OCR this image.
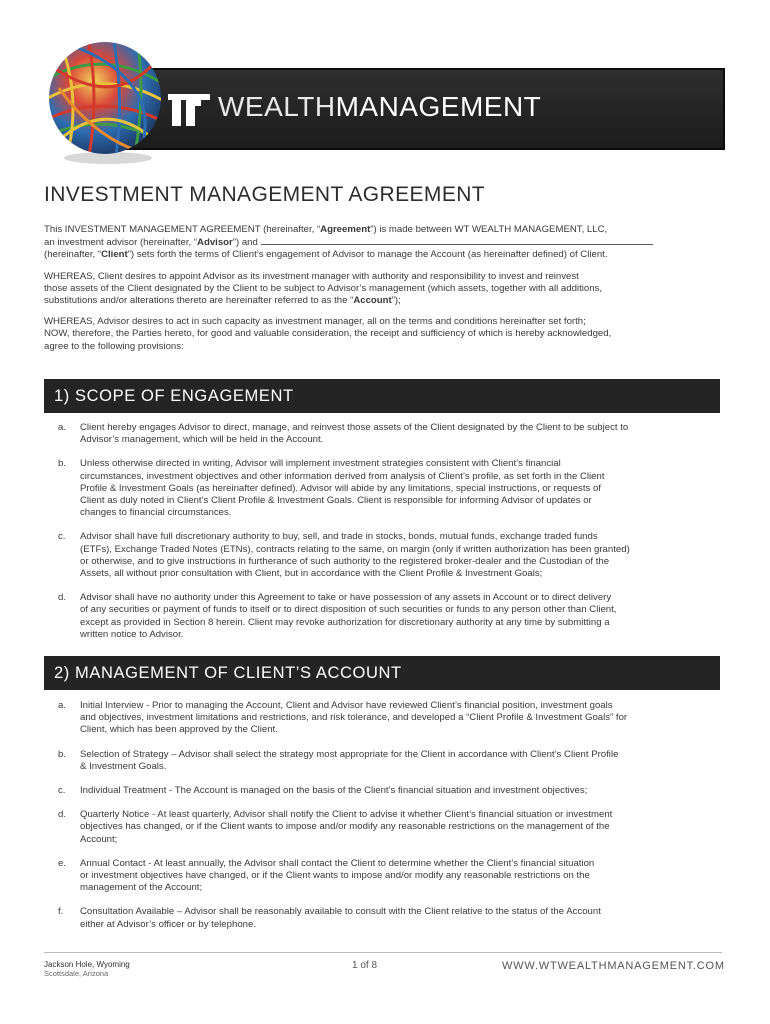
WEALTHMANAGEMENT
INVESTMENT MANAGEMENT AGREEMENT

This INVESTMENT MANAGEMENT AGREEMENT (hereinafter, “Agreement”) is made between WT WEALTH MANAGEMENT, LLC,
an investment advisor (hereinafter, “Advisor”) and
(hereinafter, “Client”) sets forth the terms of Client’s engagement of Advisor to manage the Account (as hereinafter defined) of Client.

WHEREAS, Client desires to appoint Advisor as its investment manager with authority and responsibility to invest and reinvest
those assets of the Client designated by the Client to be subject to Advisor’s management (which assets, together with all additions,
substitutions and/or alterations thereto are hereinafter referred to as the “Account”);

WHEREAS, Advisor desires to act in such capacity as investment manager, all on the terms and conditions hereinafter set forth;
NOW, therefore, the Parties hereto, for good and valuable consideration, the receipt and sufficiency of which is hereby acknowledged,
agree to the following provisions:

1) SCOPE OF ENGAGEMENT
a. Client hereby engages Advisor to direct, manage, and reinvest those assets of the Client designated by the Client to be subject to
Advisor’s management, which will be held in the Account.
b. Unless otherwise directed in writing, Advisor will implement investment strategies consistent with Client’s financial
circumstances, investment objectives and other information derived from analysis of Client’s profile, as set forth in the Client
Profile & Investment Goals (as hereinafter defined). Advisor will abide by any limitations, special instructions, or requests of
Client as duly noted in Client’s Client Profile & Investment Goals. Client is responsible for informing Advisor of updates or
changes to financial circumstances.
c. Advisor shall have full discretionary authority to buy, sell, and trade in stocks, bonds, mutual funds, exchange traded funds
(ETFs), Exchange Traded Notes (ETNs), contracts relating to the same, on margin (only if written authorization has been granted)
or otherwise, and to give instructions in furtherance of such authority to the registered broker-dealer and the Custodian of the
Assets, all without prior consultation with Client, but in accordance with the Client Profile & Investment Goals;
d. Advisor shall have no authority under this Agreement to take or have possession of any assets in Account or to direct delivery
of any securities or payment of funds to itself or to direct disposition of such securities or funds to any person other than Client,
except as provided in Section 8 herein. Client may revoke authorization for discretionary authority at any time by submitting a
written notice to Advisor.
2) MANAGEMENT OF CLIENT’S ACCOUNT
a. Initial Interview - Prior to managing the Account, Client and Advisor have reviewed Client’s financial position, investment goals
and objectives, investment limitations and restrictions, and risk tolerance, and developed a “Client Profile & Investment Goals” for
Client, which has been approved by the Client.
b. Selection of Strategy – Advisor shall select the strategy most appropriate for the Client in accordance with Client’s Client Profile
& Investment Goals.
c. Individual Treatment - The Account is managed on the basis of the Client’s financial situation and investment objectives;
d. Quarterly Notice - At least quarterly, Advisor shall notify the Client to advise it whether Client’s financial situation or investment
objectives has changed, or if the Client wants to impose and/or modify any reasonable restrictions on the management of the
Account;
e. Annual Contact - At least annually, the Advisor shall contact the Client to determine whether the Client’s financial situation
or investment objectives have changed, or if the Client wants to impose and/or modify any reasonable restrictions on the
management of the Account;
f. Consultation Available – Advisor shall be reasonably available to consult with the Client relative to the status of the Account
either at Advisor’s officer or by telephone.
Jackson Hole, Wyoming
Scottsdale, Arizona
1 of 8	WWW.WTWEALTHMANAGEMENT.COM
